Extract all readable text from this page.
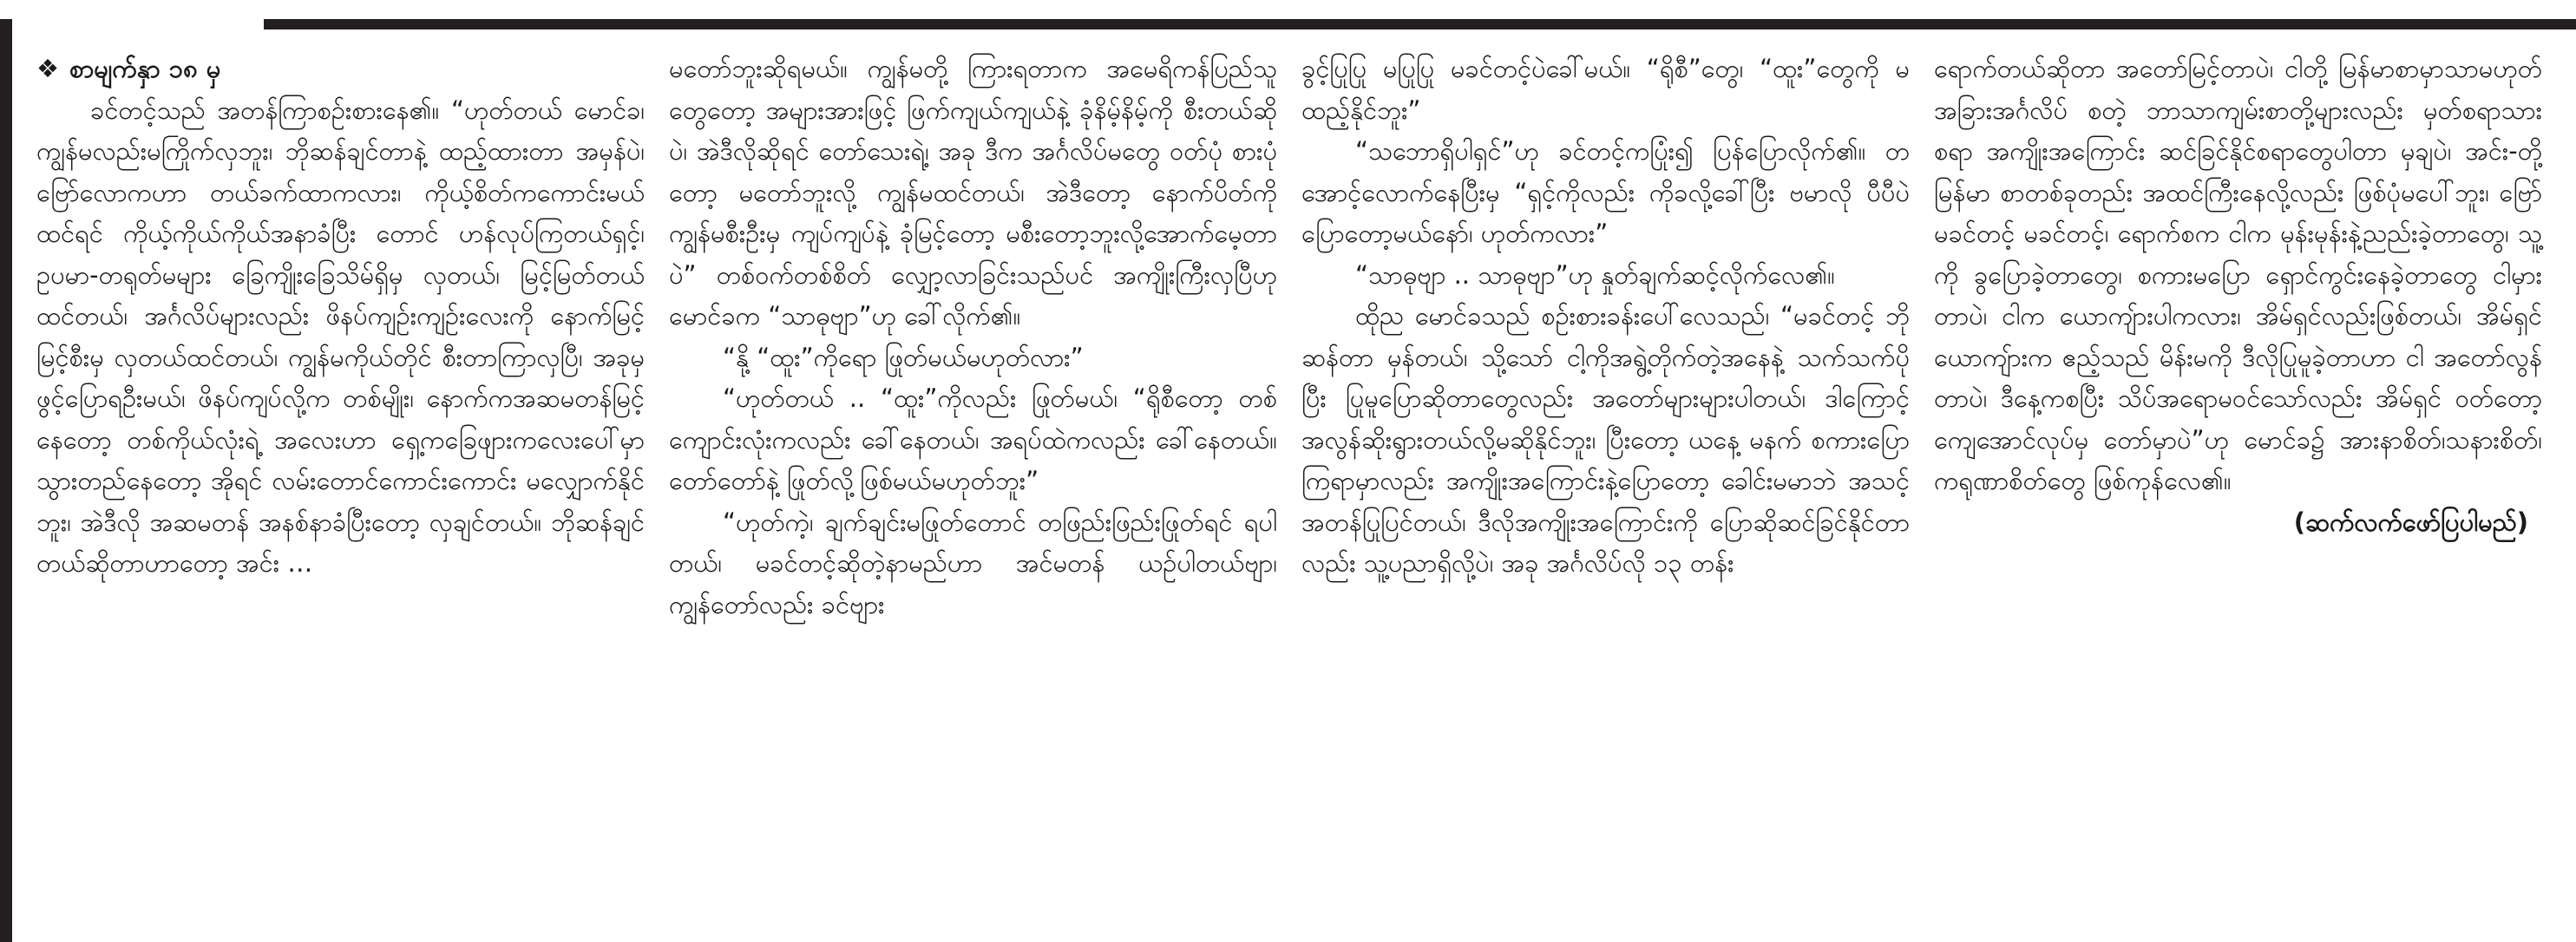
❖ စာမျက်နှာ ၁၈ မှ

ခင်တင့်သည် အတန်ကြာစဉ်းစားနေ၏။ “ဟုတ်တယ် မောင်ခ၊ ကျွန်မလည်းမကြိုက်လှဘူး၊ ဘိုဆန်ချင်တာနဲ့ ထည့်ထားတာ အမှန်ပဲ၊ ဗြော်လောကဟာ တယ်ခက်ထာကလား၊ ကိုယ့်စိတ်ကကောင်းမယ်ထင်ရင် ကိုယ့်ကိုယ်ကိုယ်အနာခံပြီး တောင် ဟန်လုပ်ကြတယ်ရှင့်၊ ဥပမာ-တရုတ်မများ ခြေကျိုးခြေသိမ်ရှိမှ လှတယ်၊ မြင့်မြတ်တယ် ထင်တယ်၊ အင်္ဂလိပ်များလည်း ဖိနပ်ကျဉ်းကျဉ်းလေးကို နောက်မြင့်မြင့်စီးမှ လှတယ်ထင်တယ်၊ ကျွန်မကိုယ်တိုင် စီးတာကြာလှပြီ၊ အခုမှ ဖွင့်ပြောရဦးမယ်၊ ဖိနပ်ကျပ်လို့က တစ်မျိုး၊ နောက်ကအဆမတန်မြင့်နေတော့ တစ်ကိုယ်လုံးရဲ့ အလေးဟာ ရှေ့ကခြေဖျားကလေးပေါ်မှာ သွားတည်နေတော့ အိုရင် လမ်းတောင်ကောင်းကောင်း မလျှောက်နိုင်ဘူး၊ အဲဒီလို အဆမတန် အနစ်နာခံပြီးတော့ လှချင်တယ်။ ဘိုဆန်ချင်တယ်ဆိုတာဟာတော့ အင်း …

မတော်ဘူးဆိုရမယ်။ ကျွန်မတို့ ကြားရတာက အမေရိကန်ပြည်သူတွေတော့ အများအားဖြင့် ဖြက်ကျယ်ကျယ်နဲ့ ခုံနိမ့်နိမ့်ကို စီးတယ်ဆိုပဲ၊ အဲဒီလိုဆိုရင် တော်သေးရဲ့၊ အခု ဒီက အင်္ဂလိပ်မတွေ ဝတ်ပုံ စားပုံတော့ မတော်ဘူးလို့ ကျွန်မထင်တယ်၊ အဲဒီတော့ နောက်ပိတ်ကို ကျွန်မစီးဦးမှ ကျပ်ကျပ်နဲ့ ခုံမြင့်တော့ မစီးတော့ဘူးလို့အောက်မေ့တာပဲ” တစ်ဝက်တစ်စိတ် လျှော့လာခြင်းသည်ပင် အကျိုးကြီးလှပြီဟု မောင်ခက “သာဓုဗျာ”ဟု ခေါ်လိုက်၏။

“နို့ “ထူး”ကိုရော ဖြုတ်မယ်မဟုတ်လား”

“ဟုတ်တယ် .. “ထူး”ကိုလည်း ဖြုတ်မယ်၊ “ရိုစီတော့ တစ်ကျောင်းလုံးကလည်း ခေါ်နေတယ်၊ အရပ်ထဲကလည်း ခေါ်နေတယ်။ တော်တော်နဲ့ ဖြုတ်လို့ဖြစ်မယ်မဟုတ်ဘူး”

“ဟုတ်ကဲ့၊ ချက်ချင်းမဖြုတ်တောင် တဖြည်းဖြည်းဖြုတ်ရင် ရပါတယ်၊ မခင်တင့်ဆိုတဲ့နာမည်ဟာ အင်မတန် ယဉ်ပါတယ်ဗျာ၊ ကျွန်တော်လည်း ခင်ဗျား

ခွင့်ပြုပြု မပြုပြု မခင်တင့်ပဲခေါ်မယ်။ “ရိုစီ”တွေ၊ “ထူး”တွေကို မထည့်နိုင်ဘူး”

“သဘောရှိပါရှင်”ဟု ခင်တင့်ကပြုံး၍ ပြန်ပြောလိုက်၏။ တအောင့်လောက်နေပြီးမှ “ရှင့်ကိုလည်း ကိုခလို့ခေါ်ပြီး ဗမာလို ပီပီပဲပြောတော့မယ်နော်၊ ဟုတ်ကလား”

“သာဓုဗျာ .. သာဓုဗျာ”ဟု နှုတ်ချက်ဆင့်လိုက်လေ၏။

ထိုည မောင်ခသည် စဉ်းစားခန်းပေါ်လေသည်၊ “မခင်တင့် ဘိုဆန်တာ မှန်တယ်၊ သို့သော် ငါ့ကိုအရွဲ့တိုက်တဲ့အနေနဲ့ သက်သက်ပိုပြီး ပြုမူပြောဆိုတာတွေလည်း အတော်များများပါတယ်၊ ဒါကြောင့် အလွန်ဆိုးရွားတယ်လို့မဆိုနိုင်ဘူး၊ ပြီးတော့ ယနေ့ မနက် စကားပြောကြရာမှာလည်း အကျိုးအကြောင်းနဲ့ပြောတော့ ခေါင်းမမာဘဲ အသင့်အတန်ပြုပြင်တယ်၊ ဒီလိုအကျိုးအကြောင်းကို ပြောဆိုဆင်ခြင်နိုင်တာလည်း သူ့ပညာရှိလို့ပဲ၊ အခု အင်္ဂလိပ်လို ၁၃ တန်း

ရောက်တယ်ဆိုတာ အတော်မြင့်တာပဲ၊ ငါတို့ မြန်မာစာမှာသာမဟုတ် အခြားအင်္ဂလိပ် စတဲ့ ဘာသာကျမ်းစာတို့များလည်း မှတ်စရာသားစရာ အကျိုးအကြောင်း ဆင်ခြင်နိုင်စရာတွေပါတာ မှချပဲ၊ အင်း-တို့မြန်မာ စာတစ်ခုတည်း အထင်ကြီးနေလို့လည်း ဖြစ်ပုံမပေါ်ဘူး၊ ဗြော် မခင်တင့် မခင်တင့်၊ ရောက်စက ငါက မုန်းမုန်းနဲ့ညည်းခဲ့တာတွေ၊ သူ့ကို ခွပြောခဲ့တာတွေ၊ စကားမပြော ရှောင်ကွင်းနေခဲ့တာတွေ ငါမှားတာပဲ၊ ငါက ယောကျ်ားပါကလား၊ အိမ်ရှင်လည်းဖြစ်တယ်၊ အိမ်ရှင်ယောကျ်ားက ဧည့်သည် မိန်းမကို ဒီလိုပြုမူခဲ့တာဟာ ငါ အတော်လွန်တာပဲ၊ ဒီနေ့ကစပြီး သိပ်အရောမဝင်သော်လည်း အိမ်ရှင် ဝတ်တော့ကျေအောင်လုပ်မှ တော်မှာပဲ”ဟု မောင်ခ၌ အားနာစိတ်၊သနားစိတ်၊ကရုဏာစိတ်တွေ ဖြစ်ကုန်လေ၏။

(ဆက်လက်ဖော်ပြပါမည်)
